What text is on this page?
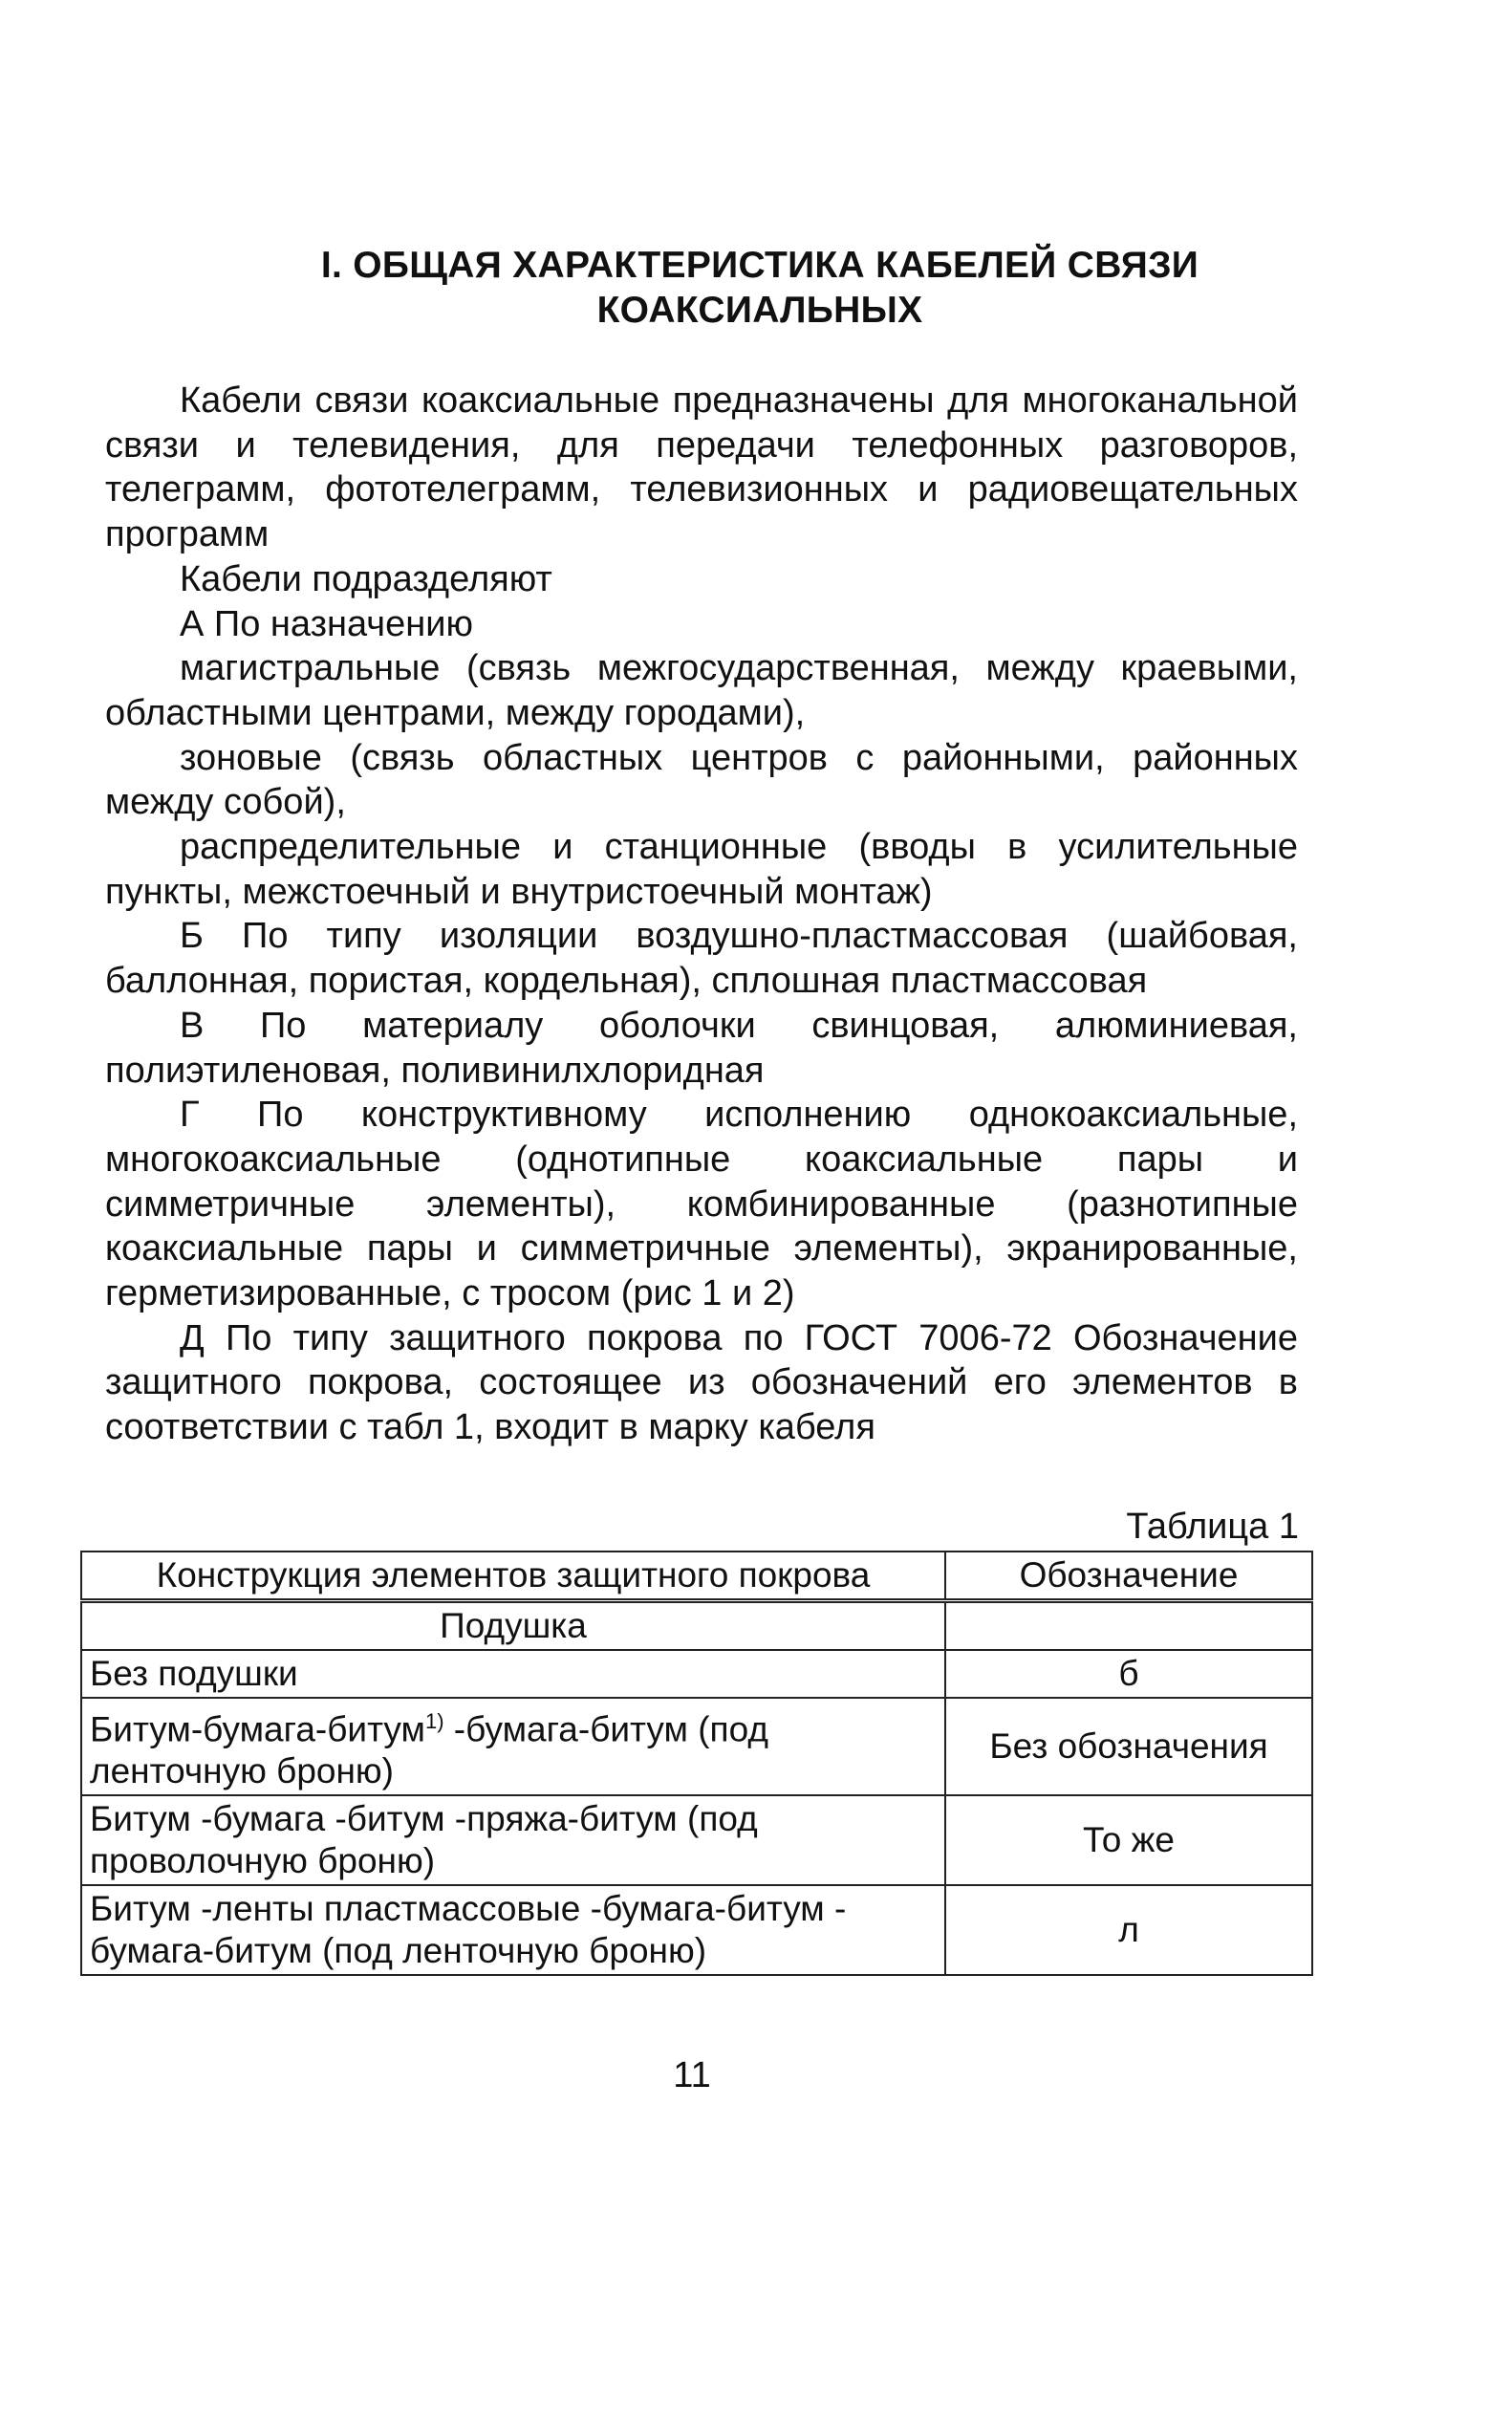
I. ОБЩАЯ ХАРАКТЕРИСТИКА КАБЕЛЕЙ СВЯЗИ
КОАКСИАЛЬНЫХ

Кабели связи коаксиальные предназначены для многоканальной связи и телевидения, для передачи телефонных разговоров, телеграмм, фототелеграмм, телевизионных и радиовещательных программ

Кабели подразделяют

А По назначению

магистральные (связь межгосударственная, между краевыми, областными центрами, между городами),

зоновые (связь областных центров с районными, районных между собой),

распределительные и станционные (вводы в усилительные пункты, межстоечный и внутристоечный монтаж)

Б По типу изоляции воздушно-пластмассовая (шайбовая, баллонная, пористая, кордельная), сплошная пластмассовая

В По материалу оболочки свинцовая, алюминиевая, полиэтиленовая, поливинилхлоридная

Г По конструктивному исполнению однокоаксиальные, многокоаксиальные (однотипные коаксиальные пары и симметричные элементы), комбинированные (разнотипные коаксиальные пары и симметричные элементы), экранированные, герметизированные, с тросом (рис 1 и 2)

Д По типу защитного покрова по ГОСТ 7006-72 Обозначение защитного покрова, состоящее из обозначений его элементов в соответствии с табл 1, входит в марку кабеля

Таблица 1
Конструкция элементов защитного покрова	Обозначение
Подушка	
Без подушки	б
Битум-бумага-битум$^{1)}$ -бумага-битум (под ленточную броню)	Без обозначения
Битум -бумага -битум -пряжа-битум (под проволочную броню)	То же
Битум -ленты пластмассовые -бумага-битум - бумага-битум (под ленточную броню)	л
11
